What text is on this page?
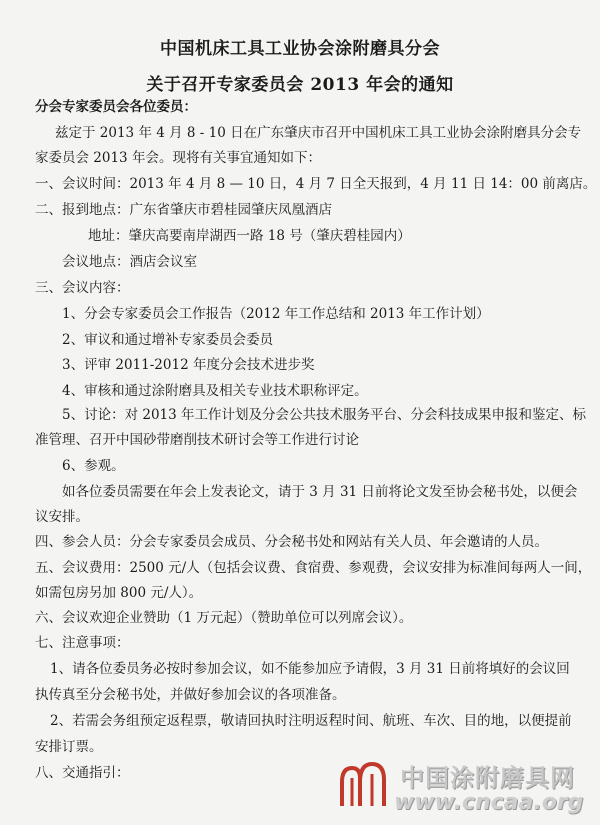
中国机床工具工业协会涂附磨具分会
关于召开专家委员会 2013 年会的通知
分会专家委员会各位委员：
兹定于 2013 年 4 月 8 - 10 日在广东肇庆市召开中国机床工具工业协会涂附磨具分会专
家委员会 2013 年会。现将有关事宜通知如下：
一、会议时间：2013 年 4 月 8 — 10 日，4 月 7 日全天报到，4 月 11 日 14：00 前离店。
二、报到地点：广东省肇庆市碧桂园肇庆凤凰酒店
地址：肇庆高要南岸湖西一路 18 号（肇庆碧桂园内）
会议地点：酒店会议室
三、会议内容：
1、分会专家委员会工作报告（2012 年工作总结和 2013 年工作计划）
2、审议和通过增补专家委员会委员
3、评审 2011-2012 年度分会技术进步奖
4、审核和通过涂附磨具及相关专业技术职称评定。
5、讨论：对 2013 年工作计划及分会公共技术服务平台、分会科技成果申报和鉴定、标
准管理、召开中国砂带磨削技术研讨会等工作进行讨论
6、参观。
如各位委员需要在年会上发表论文，请于 3 月 31 日前将论文发至协会秘书处，以便会
议安排。
四、参会人员：分会专家委员会成员、分会秘书处和网站有关人员、年会邀请的人员。
五、会议费用：2500 元/人（包括会议费、食宿费、参观费，会议安排为标准间每两人一间，
如需包房另加 800 元/人）。
六、会议欢迎企业赞助（1 万元起）（赞助单位可以列席会议）。
七、注意事项：
1、请各位委员务必按时参加会议，如不能参加应予请假，3 月 31 日前将填好的会议回
执传真至分会秘书处，并做好参加会议的各项准备。
2、若需会务组预定返程票，敬请回执时注明返程时间、航班、车次、目的地，以便提前
安排订票。
八、交通指引：	中国涂附磨具网
www.cncaa.org
